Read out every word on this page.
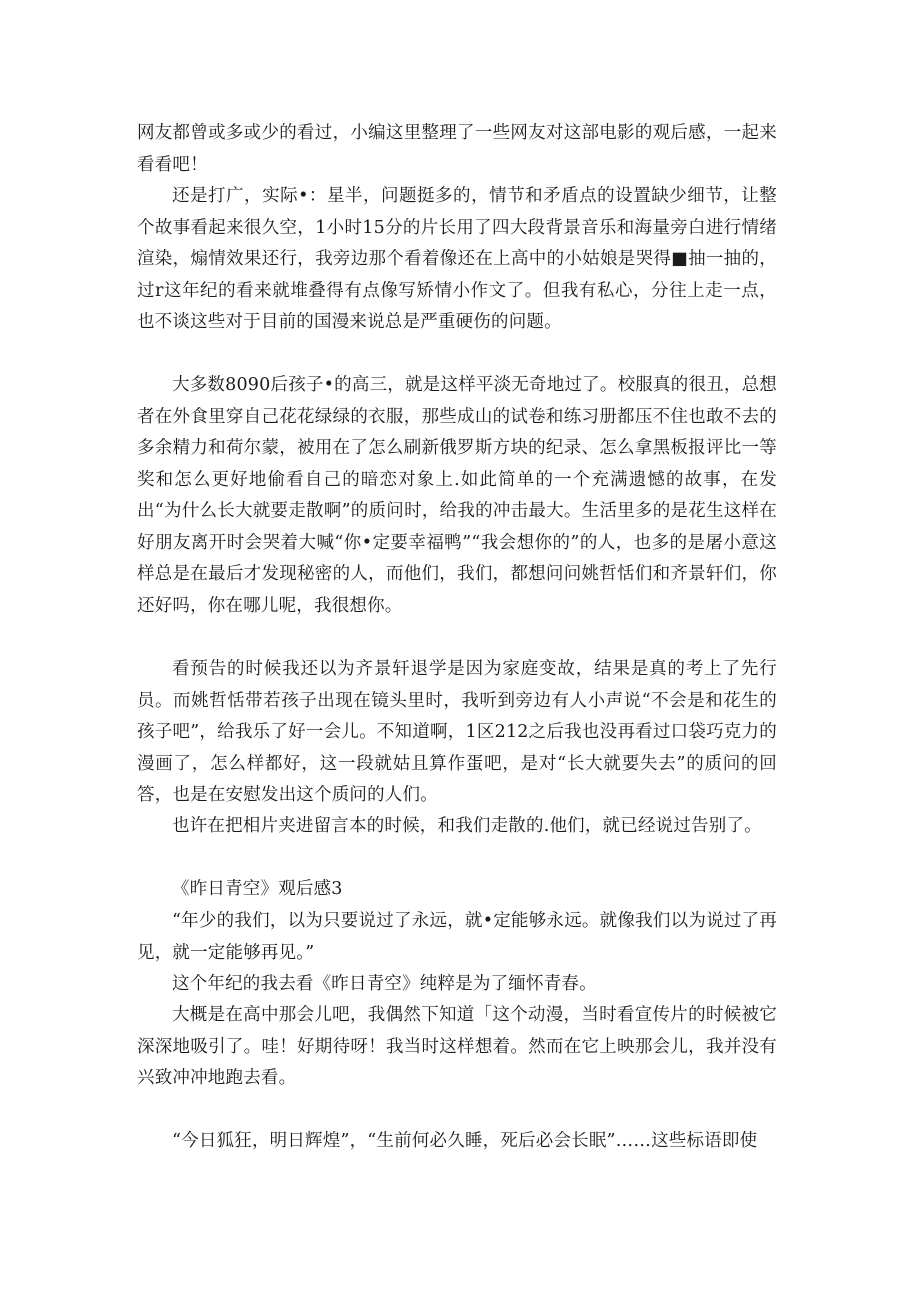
网友都曾或多或少的看过，小编这里整理了一些网友对这部电影的观后感，一起来看看吧！

还是打广，实际•：星半，问题挺多的，情节和矛盾点的设置缺少细节，让整个故事看起来很久空，1小时15分的片长用了四大段背景音乐和海量旁白进行情绪渲染，煽情效果还行，我旁边那个看着像还在上高中的小姑娘是哭得■抽一抽的，过r这年纪的看来就堆叠得有点像写矫情小作文了。但我有私心，分往上走一点，也不谈这些对于目前的国漫来说总是严重硬伤的问题。

大多数8090后孩子•的高三，就是这样平淡无奇地过了。校服真的很丑，总想者在外食里穿自己花花绿绿的衣服，那些成山的试卷和练习册都压不住也敢不去的多余精力和荷尔蒙，被用在了怎么刷新俄罗斯方块的纪录、怎么拿黑板报评比一等奖和怎么更好地偷看自己的暗恋对象上.如此简单的一个充满遗憾的故事，在发出“为什么长大就要走散啊”的质问时，给我的冲击最大。生活里多的是花生这样在好朋友离开时会哭着大喊“你•定要幸福鸭”“我会想你的”的人，也多的是屠小意这样总是在最后才发现秘密的人，而他们，我们，都想问问姚哲恬们和齐景轩们，你还好吗，你在哪儿呢，我很想你。

看预告的时候我还以为齐景轩退学是因为家庭变故，结果是真的考上了先行员。而姚哲恬带若孩子出现在镜头里时，我听到旁边有人小声说“不会是和花生的孩子吧”，给我乐了好一会儿。不知道啊，1区212之后我也没再看过口袋巧克力的漫画了，怎么样都好，这一段就姑且算作蛋吧，是对“长大就要失去”的质问的回答，也是在安慰发出这个质问的人们。

也许在把相片夹进留言本的时候，和我们走散的.他们，就已经说过告别了。

《昨日青空》观后感3

“年少的我们，以为只要说过了永远，就•定能够永远。就像我们以为说过了再见，就一定能够再见。”

这个年纪的我去看《昨日青空》纯粹是为了缅怀青春。

大概是在高中那会儿吧，我偶然下知道「这个动漫，当时看宣传片的时候被它深深地吸引了。哇！好期待呀！我当时这样想着。然而在它上映那会儿，我并没有兴致冲冲地跑去看。

“今日狐狂，明日辉煌”，“生前何必久睡，死后必会长眠”……这些标语即使
